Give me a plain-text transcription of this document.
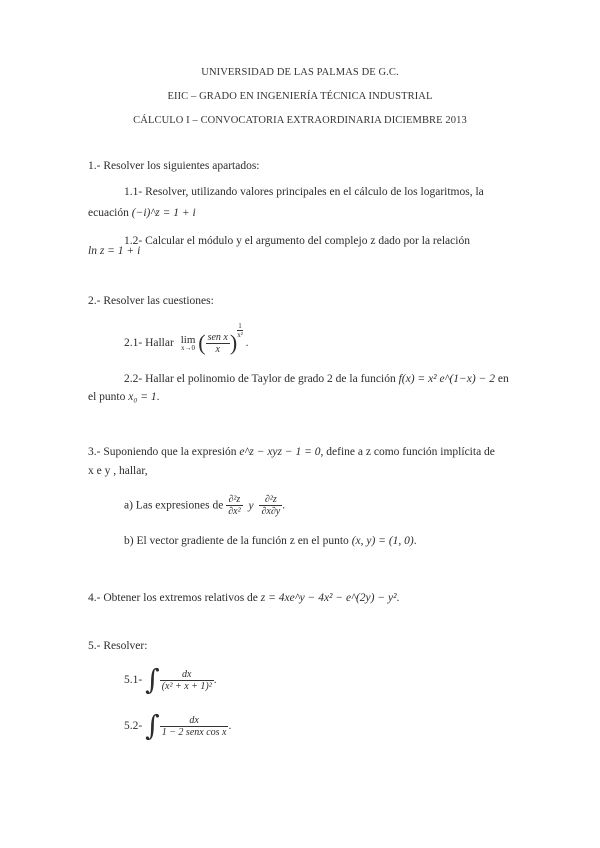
UNIVERSIDAD DE LAS PALMAS DE G.C.
EIIC – GRADO EN INGENIERÍA TÉCNICA INDUSTRIAL
CÁLCULO I – CONVOCATORIA EXTRAORDINARIA DICIEMBRE 2013
1.- Resolver los siguientes apartados:
1.1- Resolver, utilizando valores principales en el cálculo de los logaritmos, la
ecuación (−i)^z = 1 + i
1.2- Calcular el módulo y el argumento del complejo z dado por la relación
ln z = 1 + i
2.- Resolver las cuestiones:
2.1- Hallar lim
x→0 ( $\frac{\text{sen x}}{x}$ ) $\frac{1}{\text{x²}}$
.
2.2- Hallar el polinomio de Taylor de grado 2 de la función f(x) = x² e^(1−x) − 2 en
el punto x₀ = 1.
3.- Suponiendo que la expresión e^z − xyz − 1 = 0, define a z como función implícita de
x e y , hallar,
a) Las expresiones de $\frac{\text{∂²z}}{\text{∂x²}}$ y $\frac{\text{∂²z}}{\partial x\partial y}$ .
b) El vector gradiente de la función z en el punto (x, y) = (1, 0).
4.- Obtener los extremos relativos de z = 4xe^y − 4x² − e^(2y) − y².
5.- Resolver:
5.1- ∫ $\frac{dx}{\text{(x² + x + 1)²}}$ .
5.2- ∫ $\frac{dx}{\text{1 − 2 senx cos x}}$ .
